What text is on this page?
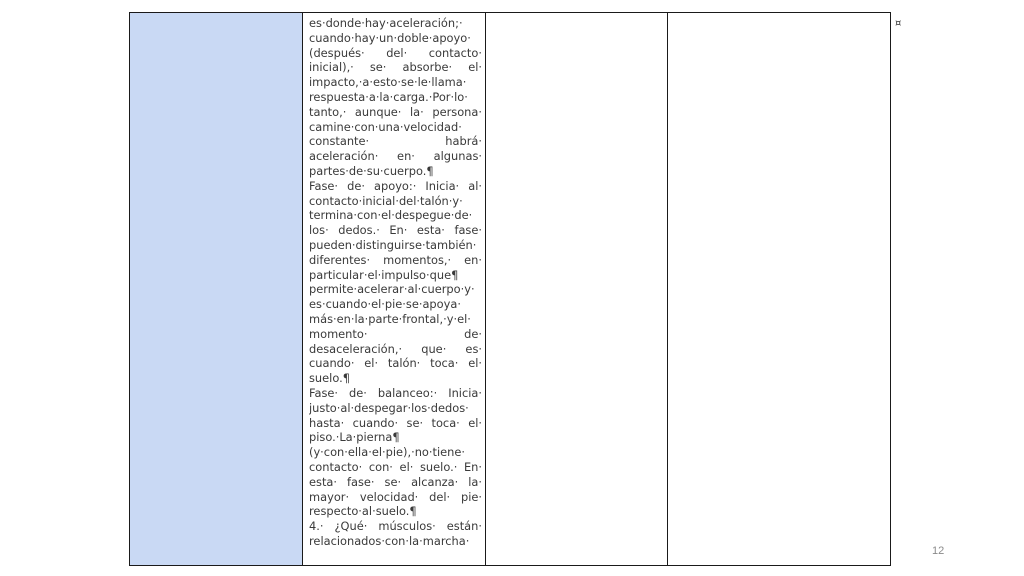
es·donde·hay·aceleración;·
cuando·hay·un·doble·apoyo·
(después· del· contacto·
inicial),· se· absorbe· el·
impacto,·a·esto·se·le·llama·
respuesta·a·la·carga.·Por·lo·
tanto,· aunque· la· persona·
camine·con·una·velocidad·
constante· habrá·
aceleración· en· algunas·
partes·de·su·cuerpo.¶
Fase· de· apoyo:· Inicia· al·
contacto·inicial·del·talón·y·
termina·con·el·despegue·de·
los· dedos.· En· esta· fase·
pueden·distinguirse·también·
diferentes· momentos,· en·
particular·el·impulso·que¶
permite·acelerar·al·cuerpo·y·
es·cuando·el·pie·se·apoya·
más·en·la·parte·frontal,·y·el·
momento· de·
desaceleración,· que· es·
cuando· el· talón· toca· el·
suelo.¶
Fase· de· balanceo:· Inicia·
justo·al·despegar·los·dedos·
hasta· cuando· se· toca· el·
piso.·La·pierna¶
(y·con·ella·el·pie),·no·tiene·
contacto· con· el· suelo.· En·
esta· fase· se· alcanza· la·
mayor· velocidad· del· pie·
respecto·al·suelo.¶
4.· ¿Qué· músculos· están·
relacionados·con·la·marcha·
¤
12
